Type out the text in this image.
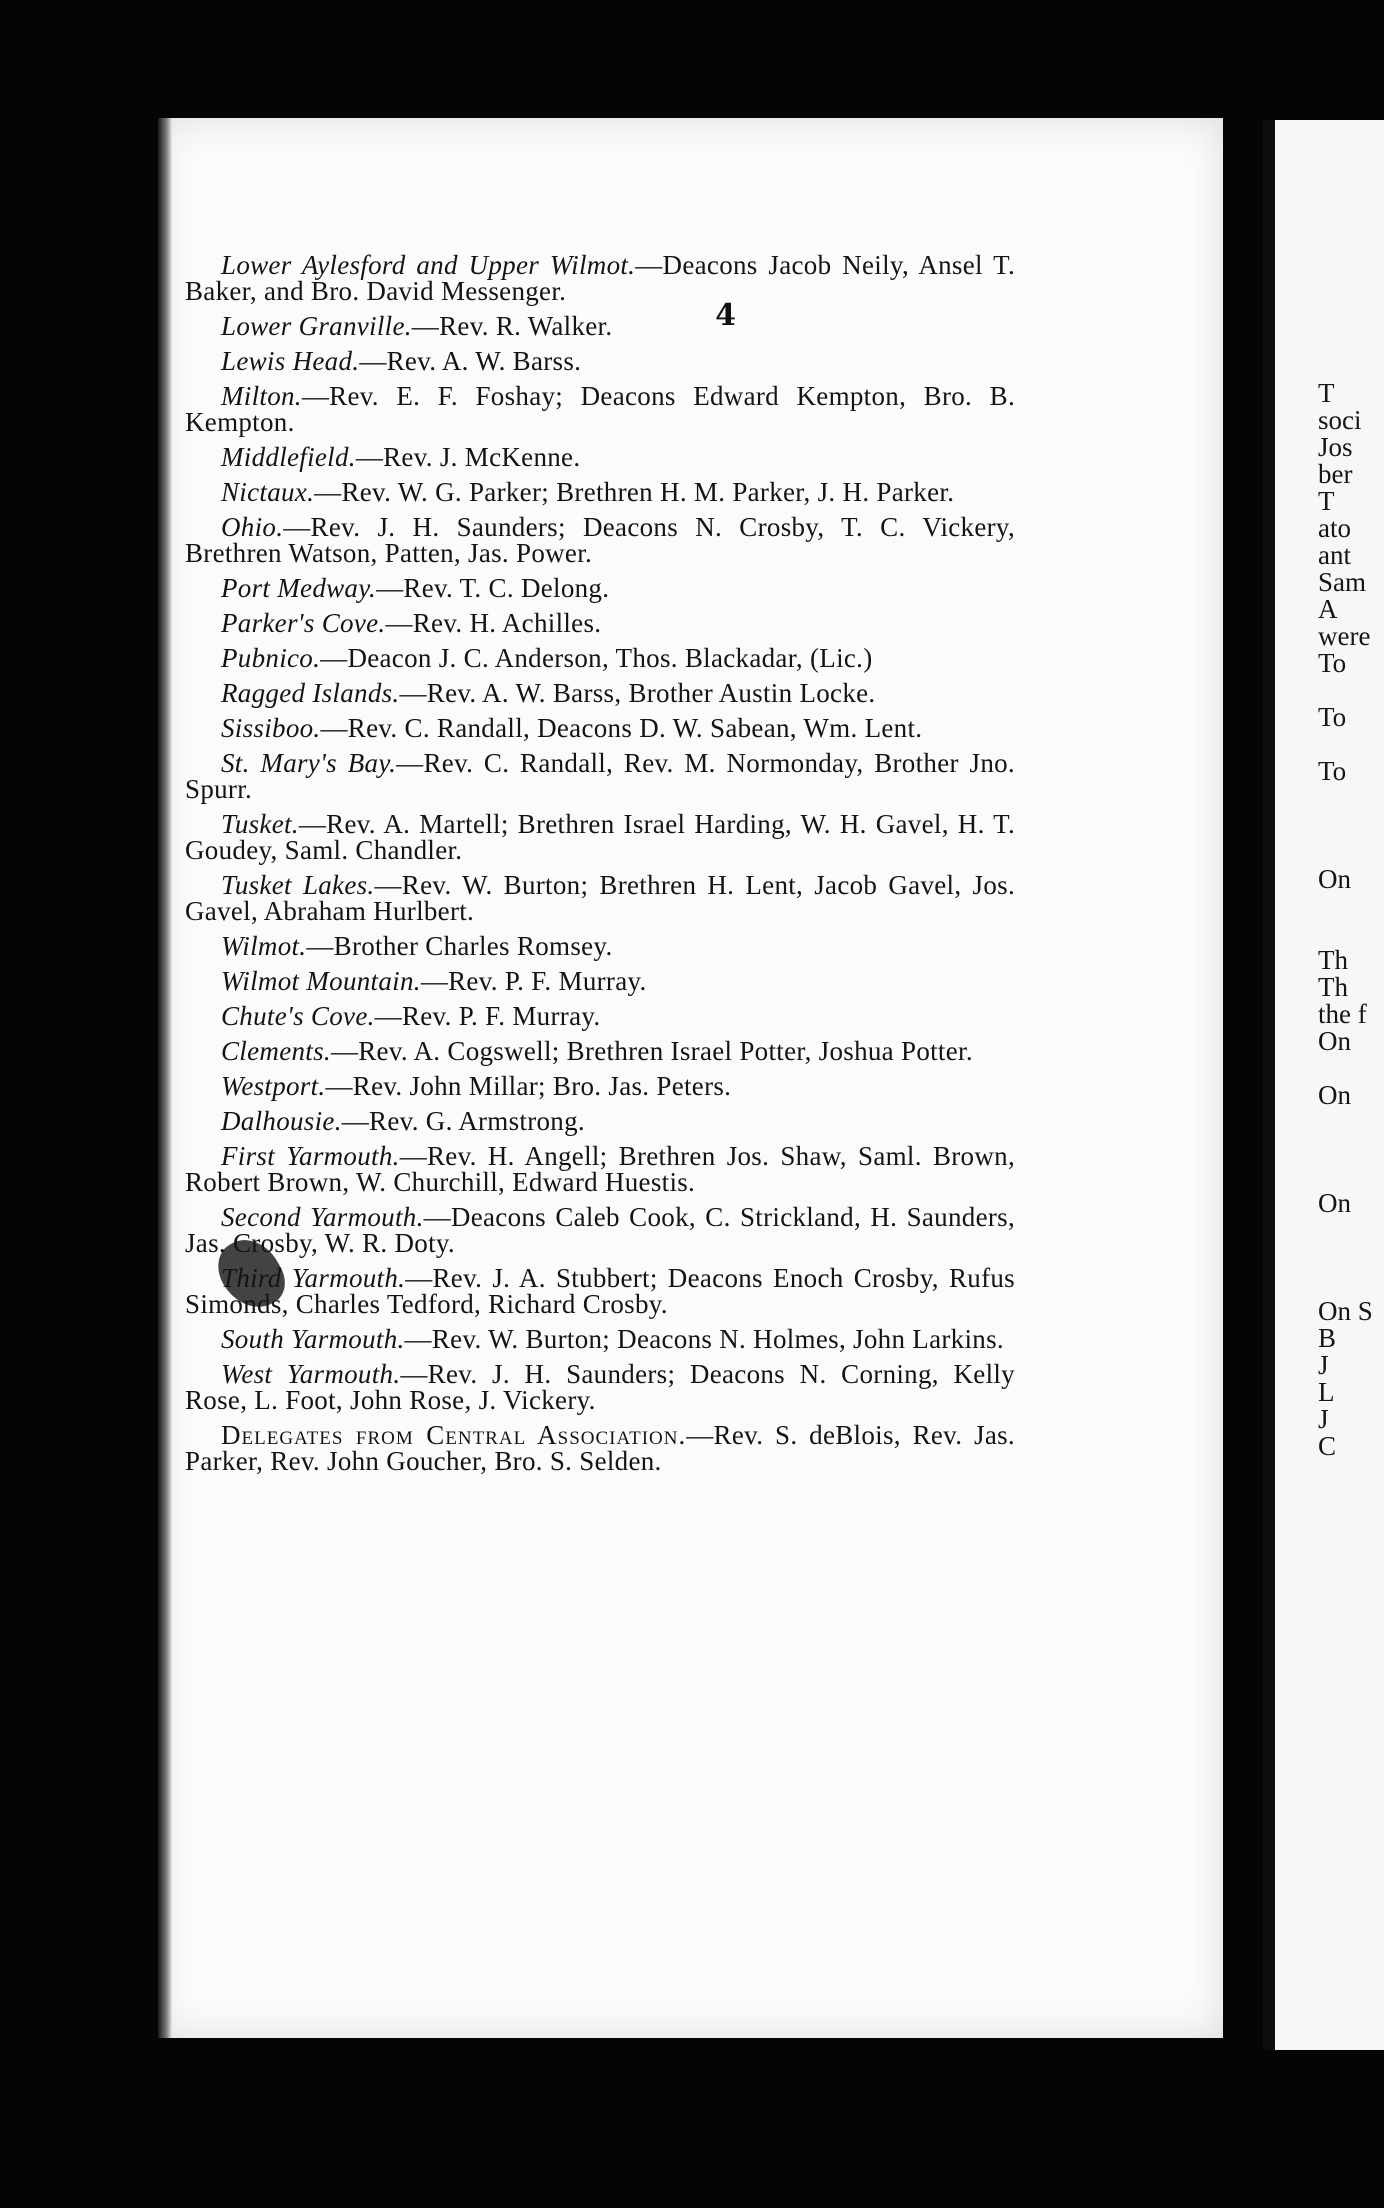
T
soci
Jos
ber
T
ato
ant
Sam
A
were
To

To

To

On

Th
Th
the f
On

On

On

On S
B
J
L
J
C
4

Lower Aylesford and Upper Wilmot.—Deacons Jacob Neily, Ansel T. Baker, and Bro. David Messenger.

Lower Granville.—Rev. R. Walker.

Lewis Head.—Rev. A. W. Barss.

Milton.—Rev. E. F. Foshay; Deacons Edward Kempton, Bro. B. Kempton.

Middlefield.—Rev. J. McKenne.

Nictaux.—Rev. W. G. Parker; Brethren H. M. Parker, J. H. Parker.

Ohio.—Rev. J. H. Saunders; Deacons N. Crosby, T. C. Vickery, Brethren Watson, Patten, Jas. Power.

Port Medway.—Rev. T. C. Delong.

Parker's Cove.—Rev. H. Achilles.

Pubnico.—Deacon J. C. Anderson, Thos. Blackadar, (Lic.)

Ragged Islands.—Rev. A. W. Barss, Brother Austin Locke.

Sissiboo.—Rev. C. Randall, Deacons D. W. Sabean, Wm. Lent.

St. Mary's Bay.—Rev. C. Randall, Rev. M. Normonday, Brother Jno. Spurr.

Tusket.—Rev. A. Martell; Brethren Israel Harding, W. H. Gavel, H. T. Goudey, Saml. Chandler.

Tusket Lakes.—Rev. W. Burton; Brethren H. Lent, Jacob Gavel, Jos. Gavel, Abraham Hurlbert.

Wilmot.—Brother Charles Romsey.

Wilmot Mountain.—Rev. P. F. Murray.

Chute's Cove.—Rev. P. F. Murray.

Clements.—Rev. A. Cogswell; Brethren Israel Potter, Joshua Potter.

Westport.—Rev. John Millar; Bro. Jas. Peters.

Dalhousie.—Rev. G. Armstrong.

First Yarmouth.—Rev. H. Angell; Brethren Jos. Shaw, Saml. Brown, Robert Brown, W. Churchill, Edward Huestis.

Second Yarmouth.—Deacons Caleb Cook, C. Strickland, H. Saunders, Jas. Crosby, W. R. Doty.

Third Yarmouth.—Rev. J. A. Stubbert; Deacons Enoch Crosby, Rufus Simonds, Charles Tedford, Richard Crosby.

South Yarmouth.—Rev. W. Burton; Deacons N. Holmes, John Larkins.

West Yarmouth.—Rev. J. H. Saunders; Deacons N. Corning, Kelly Rose, L. Foot, John Rose, J. Vickery.

Delegates from Central Association.—Rev. S. deBlois, Rev. Jas. Parker, Rev. John Goucher, Bro. S. Selden.
